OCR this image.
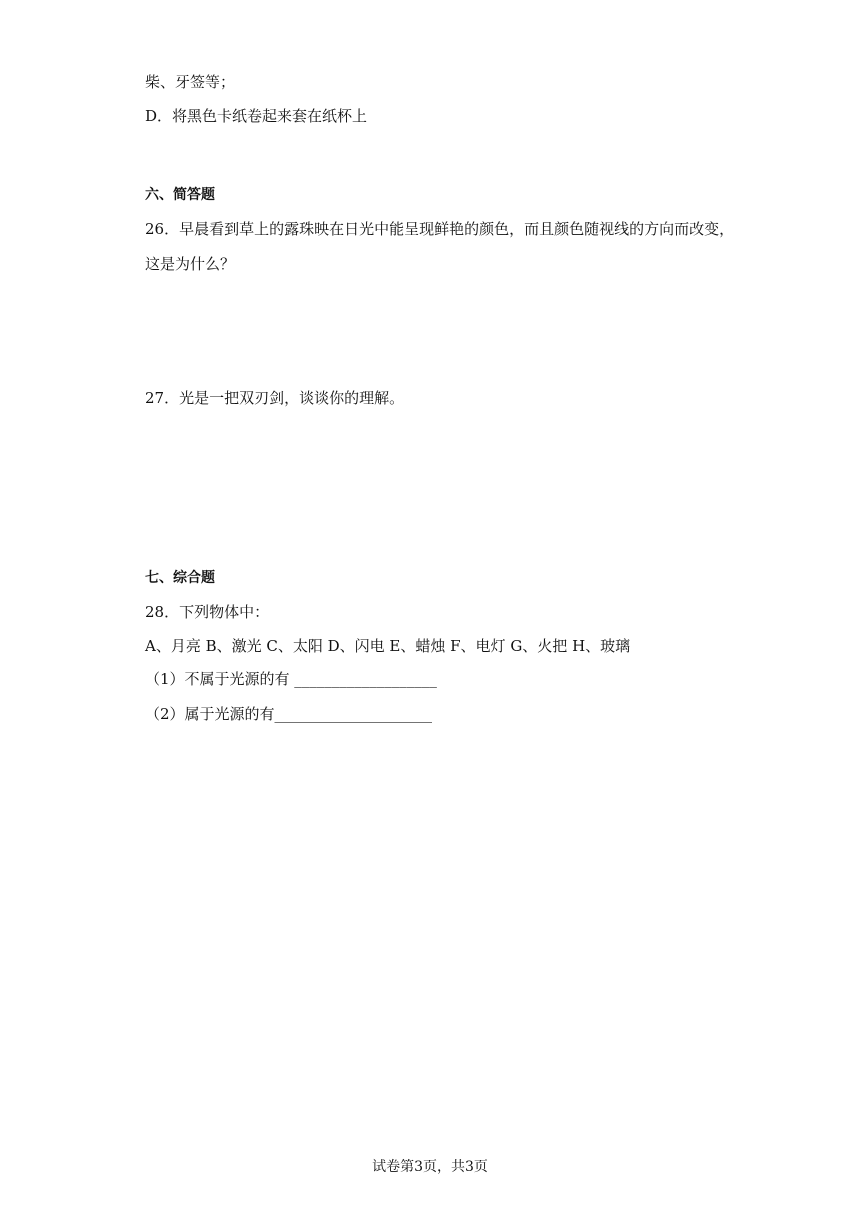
柴、牙签等；
D．将黑色卡纸卷起来套在纸杯上
六、简答题
26．早晨看到草上的露珠映在日光中能呈现鲜艳的颜色，而且颜色随视线的方向而改变，
这是为什么？
27．光是一把双刃剑，谈谈你的理解。
七、综合题
28．下列物体中：
A、月亮 B、激光 C、太阳 D、闪电 E、蜡烛 F、电灯 G、火把 H、玻璃
（1）不属于光源的有 ___________________
（2）属于光源的有_____________________
试卷第3页，共3页
